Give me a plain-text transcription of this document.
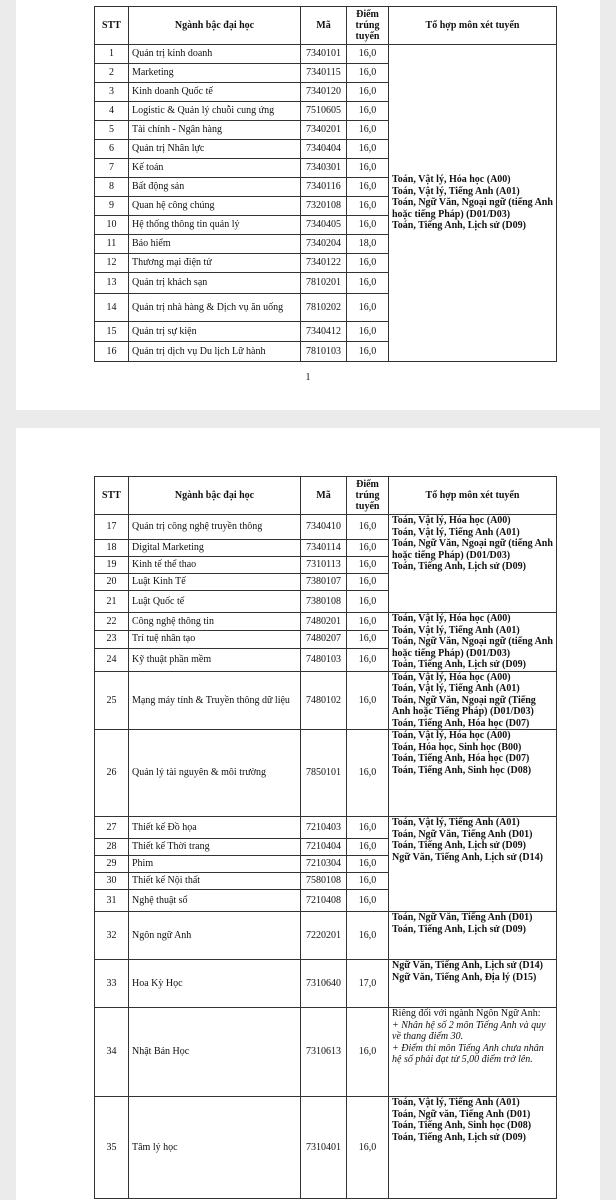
STT	Ngành bậc đại học	Mã	Điểm trúng tuyển	Tổ hợp môn xét tuyển
1	Quản trị kinh doanh	7340101	16,0	Toán, Vật lý, Hóa học (A00)
Toán, Vật lý, Tiếng Anh (A01)
Toán, Ngữ Văn, Ngoại ngữ (tiếng Anh hoặc tiếng Pháp) (D01/D03)
Toán, Tiếng Anh, Lịch sử (D09)

2	Marketing	7340115	16,0	
3	Kinh doanh Quốc tế	7340120	16,0	
4	Logistic & Quản lý chuỗi cung ứng	7510605	16,0	
5	Tài chính - Ngân hàng	7340201	16,0	
6	Quản trị Nhân lực	7340404	16,0	
7	Kế toán	7340301	16,0	
8	Bất động sản	7340116	16,0	
9	Quan hệ công chúng	7320108	16,0	
10	Hệ thống thông tin quản lý	7340405	16,0	
11	Bảo hiểm	7340204	18,0	
12	Thương mại điện tử	7340122	16,0	
13	Quản trị khách sạn	7810201	16,0	
14	Quản trị nhà hàng & Dịch vụ ăn uống	7810202	16,0	
15	Quản trị sự kiện	7340412	16,0	
16	Quản trị dịch vụ Du lịch Lữ hành	7810103	16,0	
1
STT	Ngành bậc đại học	Mã	Điểm trúng tuyển	Tổ hợp môn xét tuyển
17	Quản trị công nghệ truyền thông	7340410	16,0	Toán, Vật lý, Hóa học (A00)
Toán, Vật lý, Tiếng Anh (A01)
Toán, Ngữ Văn, Ngoại ngữ (tiếng Anh hoặc tiếng Pháp) (D01/D03)
Toán, Tiếng Anh, Lịch sử (D09)

18	Digital Marketing	7340114	16,0	
19	Kinh tế thể thao	7310113	16,0	
20	Luật Kinh Tế	7380107	16,0	
21	Luật Quốc tế	7380108	16,0	
22	Công nghệ thông tin	7480201	16,0	Toán, Vật lý, Hóa học (A00)
Toán, Vật lý, Tiếng Anh (A01)
Toán, Ngữ Văn, Ngoại ngữ (tiếng Anh hoặc tiếng Pháp) (D01/D03)
Toán, Tiếng Anh, Lịch sử (D09)

23	Trí tuệ nhân tạo	7480207	16,0	
24	Kỹ thuật phần mềm	7480103	16,0	
25	Mạng máy tính & Truyền thông dữ liệu	7480102	16,0	Toán, Vật lý, Hóa học (A00)
Toán, Vật lý, Tiếng Anh (A01)
Toán, Ngữ Văn, Ngoại ngữ (Tiếng Anh hoặc Tiếng Pháp) (D01/D03)
Toán, Tiếng Anh, Hóa học (D07)

26	Quản lý tài nguyên & môi trường	7850101	16,0	Toán, Vật lý, Hóa học (A00)
Toán, Hóa học, Sinh học (B00)
Toán, Tiếng Anh, Hóa học (D07)
Toán, Tiếng Anh, Sinh học (D08)

27	Thiết kế Đồ họa	7210403	16,0	Toán, Vật lý, Tiếng Anh (A01)
Toán, Ngữ Văn, Tiếng Anh (D01)
Toán, Tiếng Anh, Lịch sử (D09)
Ngữ Văn, Tiếng Anh, Lịch sử (D14)

28	Thiết kế Thời trang	7210404	16,0	
29	Phim	7210304	16,0	
30	Thiết kế Nội thất	7580108	16,0	
31	Nghệ thuật số	7210408	16,0	
32	Ngôn ngữ Anh	7220201	16,0	Toán, Ngữ Văn, Tiếng Anh (D01)
Toán, Tiếng Anh, Lịch sử (D09)

33	Hoa Kỳ Học	7310640	17,0	Ngữ Văn, Tiếng Anh, Lịch sử (D14)
Ngữ Văn, Tiếng Anh, Địa lý (D15)

34	Nhật Bản Học	7310613	16,0	Riêng đối với ngành Ngôn Ngữ Anh:
+ Nhân hệ số 2 môn Tiếng Anh và quy về thang điểm 30.
+ Điểm thi môn Tiếng Anh chưa nhân hệ số phải đạt từ 5,00 điểm trở lên.

35	Tâm lý học	7310401	16,0	Toán, Vật lý, Tiếng Anh (A01)
Toán, Ngữ văn, Tiếng Anh (D01)
Toán, Tiếng Anh, Sinh học (D08)
Toán, Tiếng Anh, Lịch sử (D09)
